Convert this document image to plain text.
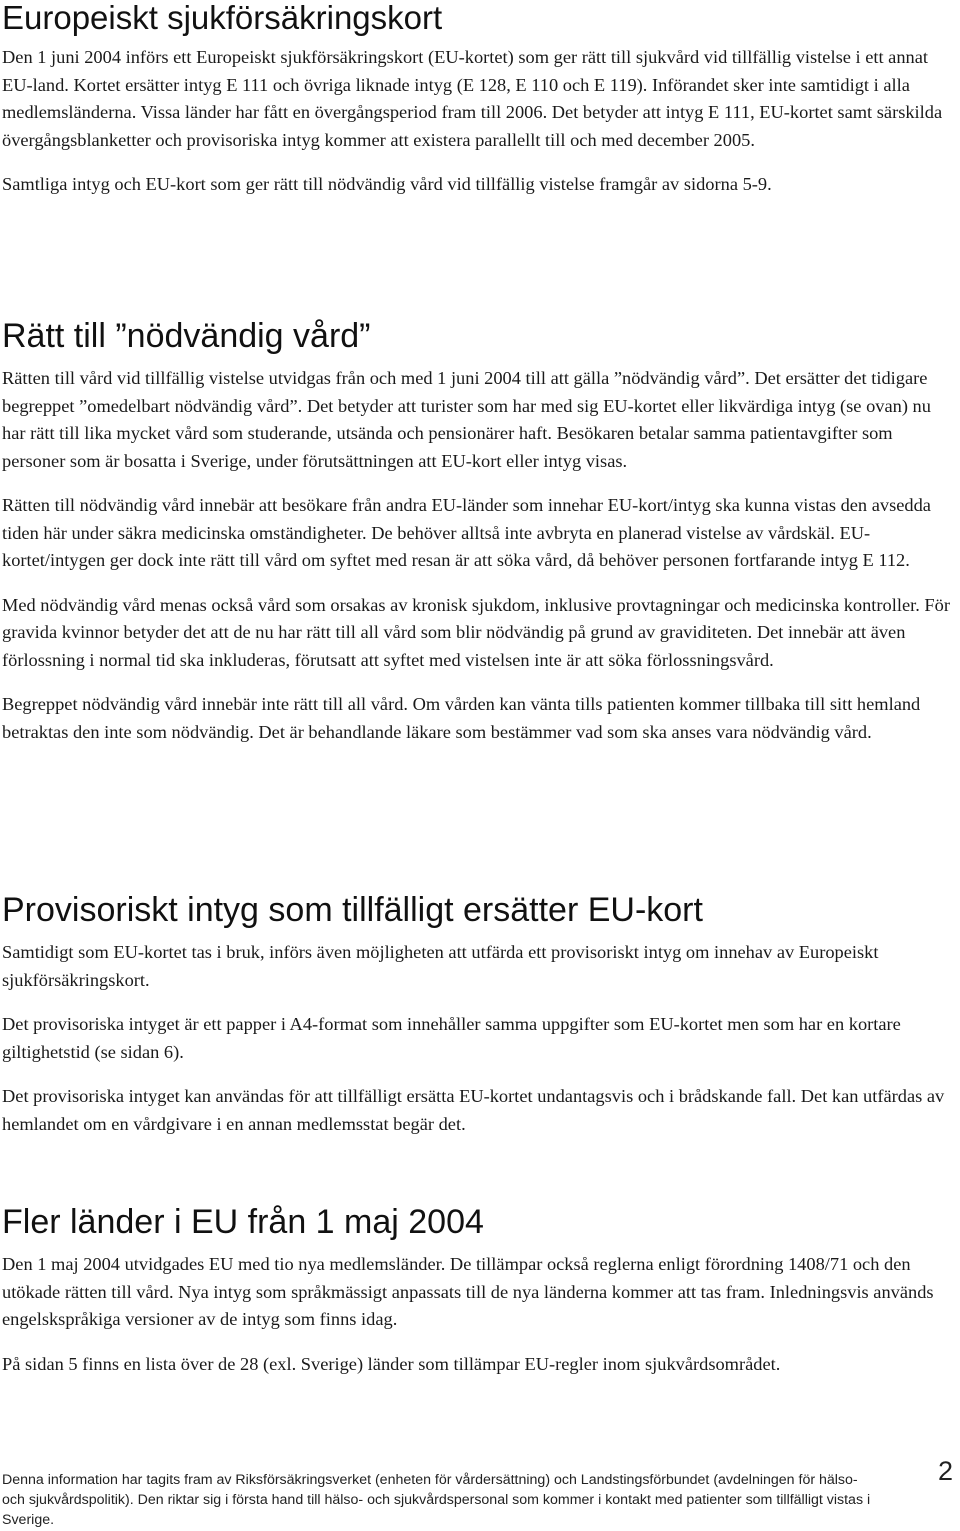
Europeiskt sjukförsäkringskort

Den 1 juni 2004 införs ett Europeiskt sjukförsäkringskort (EU-kortet) som ger rätt till sjukvård vid tillfällig vistelse i ett annat EU-land. Kortet ersätter intyg E 111 och övriga liknade intyg (E 128, E 110 och E 119). Införandet sker inte samtidigt i alla medlemsländerna. Vissa länder har fått en övergångsperiod fram till 2006. Det betyder att intyg E 111, EU-kortet samt särskilda övergångsblanketter och provisoriska intyg kommer att existera parallellt till och med december 2005.

Samtliga intyg och EU-kort som ger rätt till nödvändig vård vid tillfällig vistelse framgår av sidorna 5-9.

Rätt till ”nödvändig vård”

Rätten till vård vid tillfällig vistelse utvidgas från och med 1 juni 2004 till att gälla ”nödvändig vård”. Det ersätter det tidigare begreppet ”omedelbart nödvändig vård”. Det betyder att turister som har med sig EU-kortet eller likvärdiga intyg (se ovan) nu har rätt till lika mycket vård som studerande, utsända och pensionärer haft. Besökaren betalar samma patientavgifter som personer som är bosatta i Sverige, under förutsättningen att EU-kort eller intyg visas.

Rätten till nödvändig vård innebär att besökare från andra EU-länder som innehar EU-kort/intyg ska kunna vistas den avsedda tiden här under säkra medicinska omständigheter. De behöver alltså inte avbryta en planerad vistelse av vårdskäl. EU-kortet/intygen ger dock inte rätt till vård om syftet med resan är att söka vård, då behöver personen fortfarande intyg E 112.

Med nödvändig vård menas också vård som orsakas av kronisk sjukdom, inklusive provtagningar och medicinska kontroller. För gravida kvinnor betyder det att de nu har rätt till all vård som blir nödvändig på grund av graviditeten. Det innebär att även förlossning i normal tid ska inkluderas, förutsatt att syftet med vistelsen inte är att söka förlossningsvård.

Begreppet nödvändig vård innebär inte rätt till all vård. Om vården kan vänta tills patienten kommer tillbaka till sitt hemland betraktas den inte som nödvändig. Det är behandlande läkare som bestämmer vad som ska anses vara nödvändig vård.

Provisoriskt intyg som tillfälligt ersätter EU-kort

Samtidigt som EU-kortet tas i bruk, införs även möjligheten att utfärda ett provisoriskt intyg om innehav av Europeiskt sjukförsäkringskort.

Det provisoriska intyget är ett papper i A4-format som innehåller samma uppgifter som EU-kortet men som har en kortare giltighetstid (se sidan 6).

Det provisoriska intyget kan användas för att tillfälligt ersätta EU-kortet undantagsvis och i brådskande fall. Det kan utfärdas av hemlandet om en vårdgivare i en annan medlemsstat begär det.

Fler länder i EU från 1 maj 2004

Den 1 maj 2004 utvidgades EU med tio nya medlemsländer. De tillämpar också reglerna enligt förordning 1408/71 och den utökade rätten till vård. Nya intyg som språkmässigt anpassats till de nya länderna kommer att tas fram. Inledningsvis används engelskspråkiga versioner av de intyg som finns idag.

På sidan 5 finns en lista över de 28 (exl. Sverige) länder som tillämpar EU-regler inom sjukvårdsområdet.

Denna information har tagits fram av Riksförsäkringsverket (enheten för vårdersättning) och Landstingsförbundet (avdelningen för hälso- och sjukvårdspolitik). Den riktar sig i första hand till hälso- och sjukvårdspersonal som kommer i kontakt med patienter som tillfälligt vistas i Sverige.
2
